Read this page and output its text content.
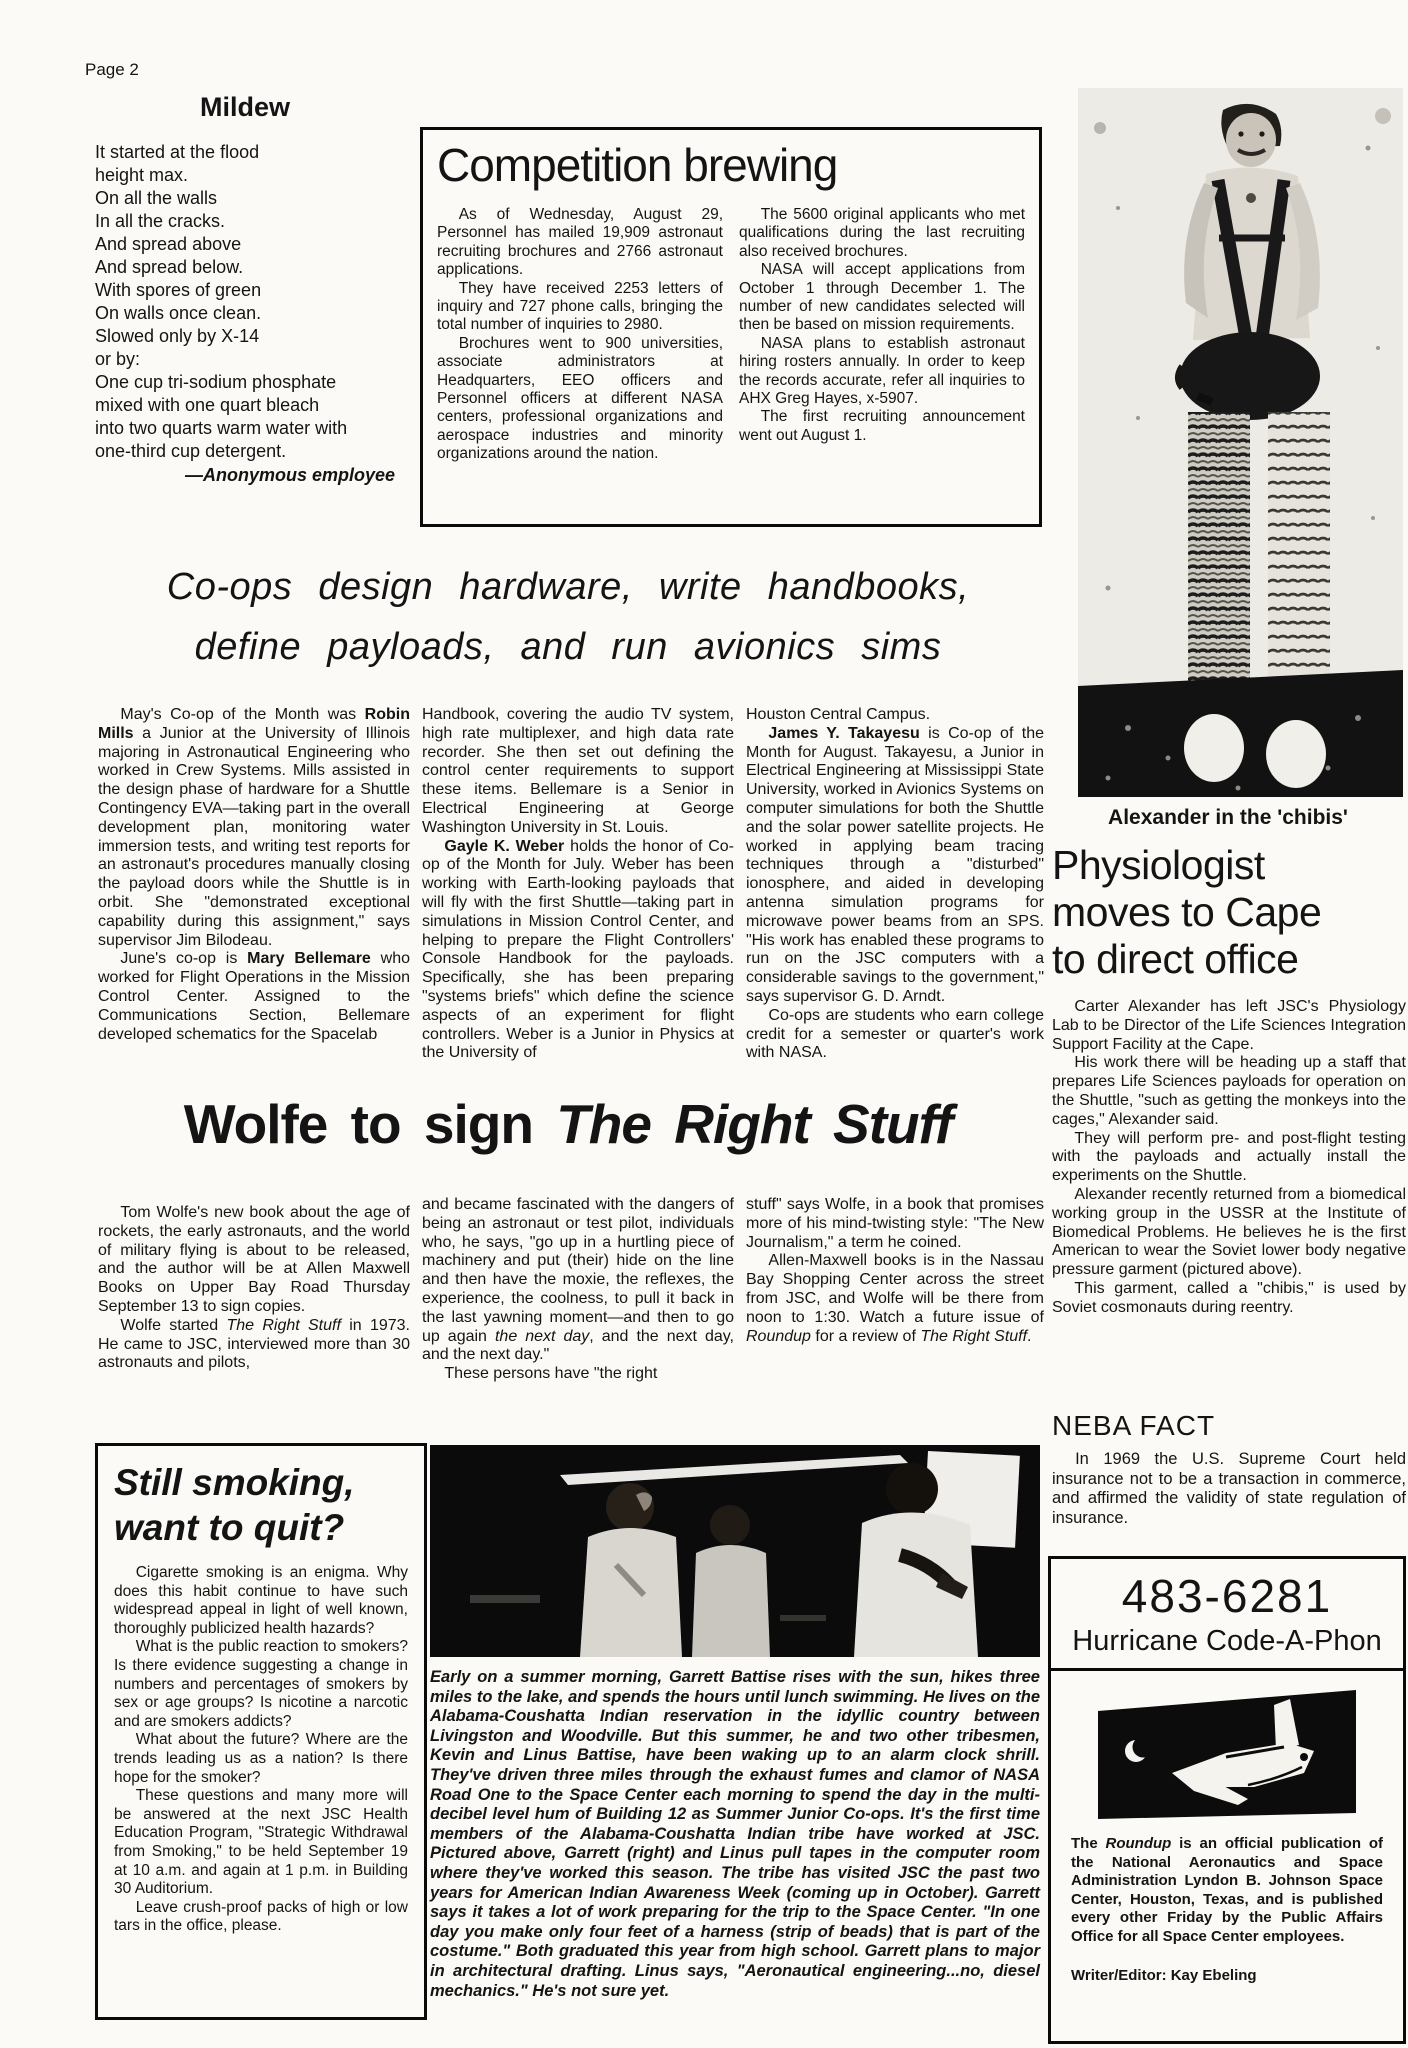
Page 2
Mildew
It started at the flood
height max.
On all the walls
In all the cracks.
And spread above
And spread below.
With spores of green
On walls once clean.
Slowed only by X-14
or by:
One cup tri-sodium phosphate
mixed with one quart bleach
into two quarts warm water with
one-third cup detergent.
—Anonymous employee
Competition brewing

As of Wednesday, August 29, Personnel has mailed 19,909 astronaut recruiting brochures and 2766 astronaut applications.

They have received 2253 letters of inquiry and 727 phone calls, bringing the total number of inquiries to 2980.

Brochures went to 900 universities, associate administrators at Headquarters, EEO officers and Personnel officers at different NASA centers, professional organizations and aerospace industries and minority organizations around the nation.

The 5600 original applicants who met qualifications during the last recruiting also received brochures.

NASA will accept applications from October 1 through December 1. The number of new candidates selected will then be based on mission requirements.

NASA plans to establish astronaut hiring rosters annually. In order to keep the records accurate, refer all inquiries to AHX Greg Hayes, x-5907.

The first recruiting announcement went out August 1.

Alexander in the 'chibis'
Co-ops design hardware, write handbooks,
define payloads, and run avionics sims

May's Co-op of the Month was Robin Mills a Junior at the University of Illinois majoring in Astronautical Engineering who worked in Crew Systems. Mills assisted in the design phase of hardware for a Shuttle Contingency EVA—taking part in the overall development plan, monitoring water immersion tests, and writing test reports for an astronaut's procedures manually closing the payload doors while the Shuttle is in orbit. She "demonstrated exceptional capability during this assignment," says supervisor Jim Bilodeau.

June's co-op is Mary Bellemare who worked for Flight Operations in the Mission Control Center. Assigned to the Communications Section, Bellemare developed schematics for the Spacelab

Handbook, covering the audio TV system, high rate multiplexer, and high data rate recorder. She then set out defining the control center requirements to support these items. Bellemare is a Senior in Electrical Engineering at George Washington University in St. Louis.

Gayle K. Weber holds the honor of Co-op of the Month for July. Weber has been working with Earth-looking payloads that will fly with the first Shuttle—taking part in simulations in Mission Control Center, and helping to prepare the Flight Controllers' Console Handbook for the payloads. Specifically, she has been preparing "systems briefs" which define the science aspects of an experiment for flight controllers. Weber is a Junior in Physics at the University of

Houston Central Campus.

James Y. Takayesu is Co-op of the Month for August. Takayesu, a Junior in Electrical Engineering at Mississippi State University, worked in Avionics Systems on computer simulations for both the Shuttle and the solar power satellite projects. He worked in applying beam tracing techniques through a "disturbed" ionosphere, and aided in developing antenna simulation programs for microwave power beams from an SPS. "His work has enabled these programs to run on the JSC computers with a considerable savings to the government," says supervisor G. D. Arndt.

Co-ops are students who earn college credit for a semester or quarter's work with NASA.

Physiologist
moves to Cape
to direct office

Carter Alexander has left JSC's Physiology Lab to be Director of the Life Sciences Integration Support Facility at the Cape.

His work there will be heading up a staff that prepares Life Sciences payloads for operation on the Shuttle, "such as getting the monkeys into the cages," Alexander said.

They will perform pre- and post-flight testing with the payloads and actually install the experiments on the Shuttle.

Alexander recently returned from a biomedical working group in the USSR at the Institute of Biomedical Problems. He believes he is the first American to wear the Soviet lower body negative pressure garment (pictured above).

This garment, called a "chibis," is used by Soviet cosmonauts during reentry.

Wolfe to sign The Right Stuff

Tom Wolfe's new book about the age of rockets, the early astronauts, and the world of military flying is about to be released, and the author will be at Allen Maxwell Books on Upper Bay Road Thursday September 13 to sign copies.

Wolfe started The Right Stuff in 1973. He came to JSC, interviewed more than 30 astronauts and pilots,

and became fascinated with the dangers of being an astronaut or test pilot, individuals who, he says, "go up in a hurtling piece of machinery and put (their) hide on the line and then have the moxie, the reflexes, the experience, the coolness, to pull it back in the last yawning moment—and then to go up again the next day, and the next day, and the next day."

These persons have "the right

stuff" says Wolfe, in a book that promises more of his mind-twisting style: "The New Journalism," a term he coined.

Allen-Maxwell books is in the Nassau Bay Shopping Center across the street from JSC, and Wolfe will be there from noon to 1:30. Watch a future issue of Roundup for a review of The Right Stuff.

Still smoking,
want to quit?

Cigarette smoking is an enigma. Why does this habit continue to have such widespread appeal in light of well known, thoroughly publicized health hazards?

What is the public reaction to smokers? Is there evidence suggesting a change in numbers and percentages of smokers by sex or age groups? Is nicotine a narcotic and are smokers addicts?

What about the future? Where are the trends leading us as a nation? Is there hope for the smoker?

These questions and many more will be answered at the next JSC Health Education Program, "Strategic Withdrawal from Smoking," to be held September 19 at 10 a.m. and again at 1 p.m. in Building 30 Auditorium.

Leave crush-proof packs of high or low tars in the office, please.

Early on a summer morning, Garrett Battise rises with the sun, hikes three miles to the lake, and spends the hours until lunch swimming. He lives on the Alabama-Coushatta Indian reservation in the idyllic country between Livingston and Woodville. But this summer, he and two other tribesmen, Kevin and Linus Battise, have been waking up to an alarm clock shrill. They've driven three miles through the exhaust fumes and clamor of NASA Road One to the Space Center each morning to spend the day in the multi-decibel level hum of Building 12 as Summer Junior Co-ops. It's the first time members of the Alabama-Coushatta Indian tribe have worked at JSC. Pictured above, Garrett (right) and Linus pull tapes in the computer room where they've worked this season. The tribe has visited JSC the past two years for American Indian Awareness Week (coming up in October). Garrett says it takes a lot of work preparing for the trip to the Space Center. "In one day you make only four feet of a harness (strip of beads) that is part of the costume." Both graduated this year from high school. Garrett plans to major in architectural drafting. Linus says, "Aeronautical engineering...no, diesel mechanics." He's not sure yet.
NEBA FACT

In 1969 the U.S. Supreme Court held insurance not to be a transaction in commerce, and affirmed the validity of state regulation of insurance.

483-6281
Hurricane Code-A-Phon
The Roundup is an official publication of the National Aeronautics and Space Administration Lyndon B. Johnson Space Center, Houston, Texas, and is published every other Friday by the Public Affairs Office for all Space Center employees.
Writer/Editor: Kay Ebeling
